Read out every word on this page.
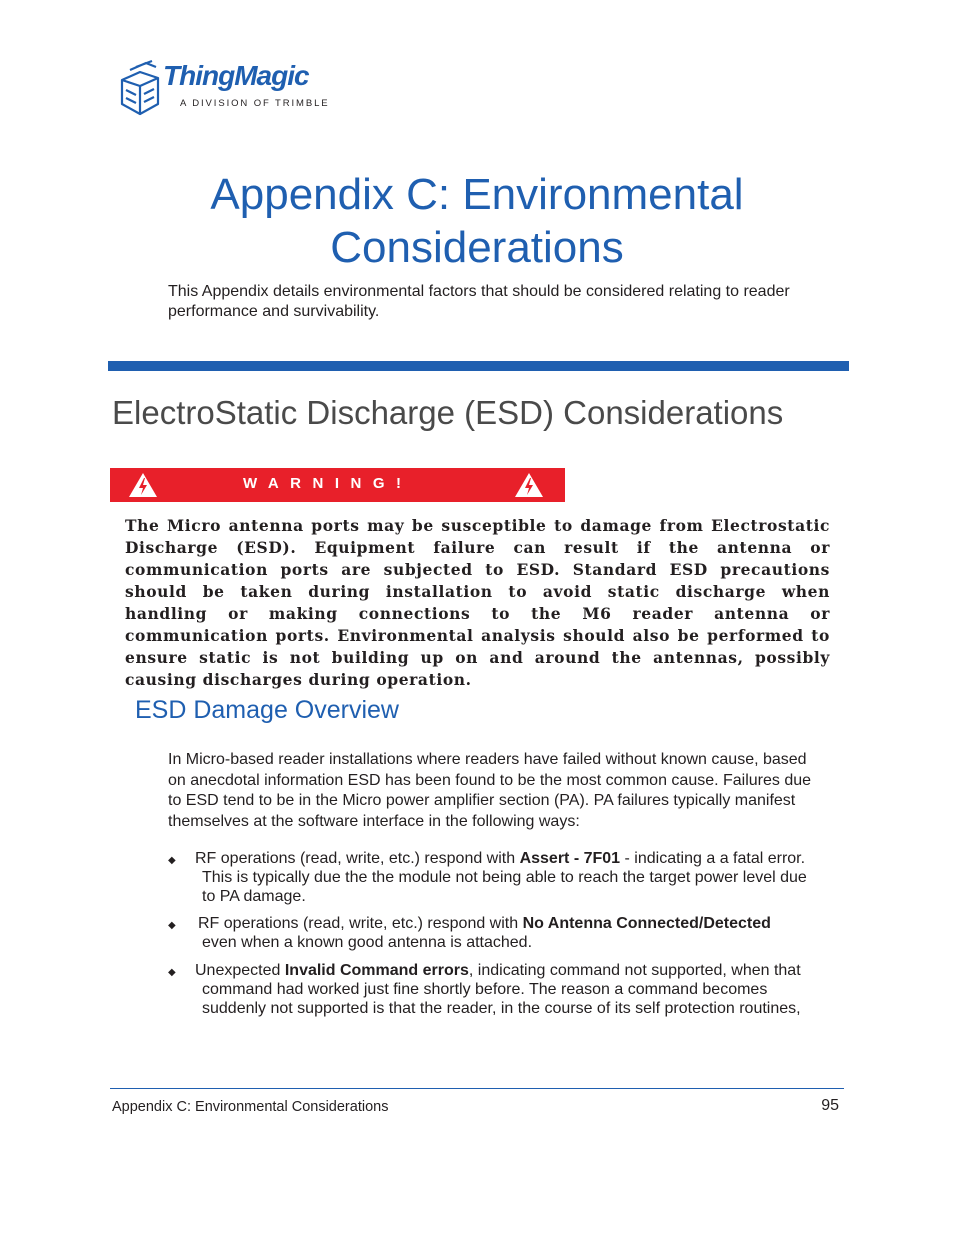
ThingMagic
A DIVISION OF TRIMBLE
Appendix C: Environmental
Considerations
This Appendix details environmental factors that should be considered relating to reader performance and survivability.
ElectroStatic Discharge (ESD) Considerations
WARNING!
The Micro antenna ports may be susceptible to damage from Electrostatic Discharge (ESD). Equipment failure can result if the antenna or communication ports are subjected to ESD. Standard ESD precautions should be taken during installation to avoid static discharge when handling or making connections to the M6 reader antenna or communication ports. Environmental analysis should also be performed to ensure static is not building up on and around the antennas, possibly causing discharges during operation.
ESD Damage Overview
In Micro-based reader installations where readers have failed without known cause, based on anecdotal information ESD has been found to be the most common cause. Failures due to ESD tend to be in the Micro power amplifier section (PA). PA failures typically manifest themselves at the software interface in the following ways:
◆ RF operations (read, write, etc.) respond with Assert - 7F01 - indicating a a fatal error.
This is typically due the the module not being able to reach the target power level due
to PA damage.
◆ RF operations (read, write, etc.) respond with No Antenna Connected/Detected
even when a known good antenna is attached.
◆ Unexpected Invalid Command errors, indicating command not supported, when that
command had worked just fine shortly before. The reason a command becomes
suddenly not supported is that the reader, in the course of its self protection routines,
Appendix C: Environmental Considerations	95
